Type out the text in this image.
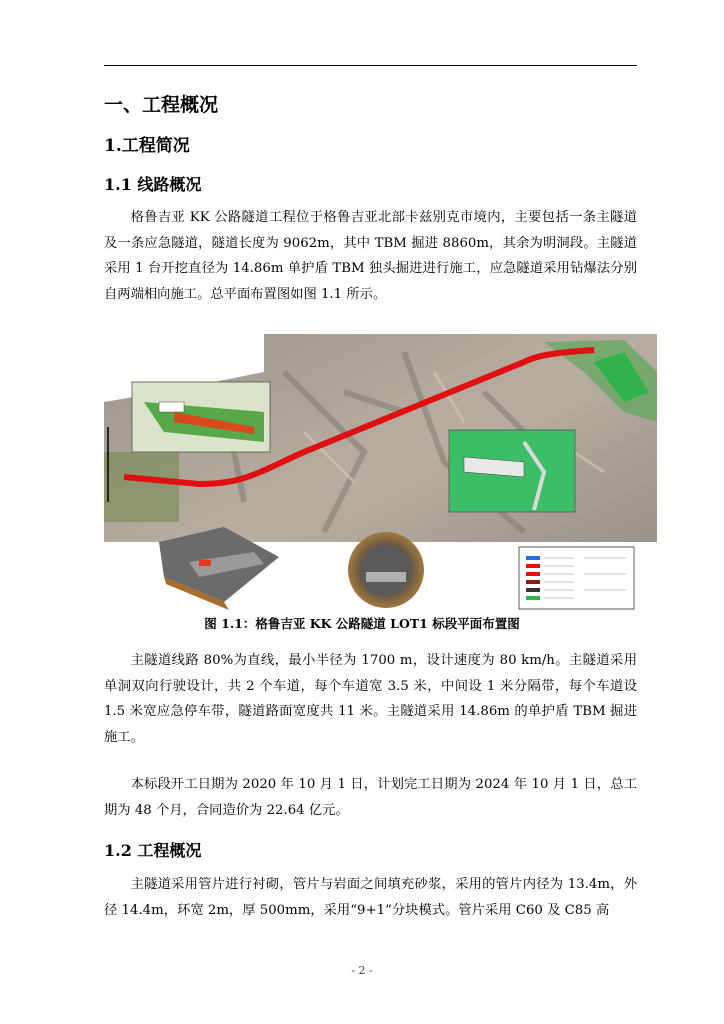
一、工程概况
1.工程简况
1.1 线路概况
格鲁吉亚 KK 公路隧道工程位于格鲁吉亚北部卡兹别克市境内，主要包括一条主隧道及一条应急隧道，隧道长度为 9062m，其中 TBM 掘进 8860m，其余为明洞段。主隧道采用 1 台开挖直径为 14.86m 单护盾 TBM 独头掘进进行施工，应急隧道采用钻爆法分别自两端相向施工。总平面布置图如图 1.1 所示。
图 1.1：格鲁吉亚 KK 公路隧道 LOT1 标段平面布置图
主隧道线路 80%为直线，最小半径为 1700 m，设计速度为 80 km/h。主隧道采用单洞双向行驶设计，共 2 个车道，每个车道宽 3.5 米，中间设 1 米分隔带，每个车道设 1.5 米宽应急停车带，隧道路面宽度共 11 米。主隧道采用 14.86m 的单护盾 TBM 掘进施工。
本标段开工日期为 2020 年 10 月 1 日，计划完工日期为 2024 年 10 月 1 日，总工期为 48 个月，合同造价为 22.64 亿元。
1.2 工程概况
主隧道采用管片进行衬砌，管片与岩面之间填充砂浆，采用的管片内径为 13.4m，外径 14.4m，环宽 2m，厚 500mm，采用“9+1”分块模式。管片采用 C60 及 C85 高
- 2 -
